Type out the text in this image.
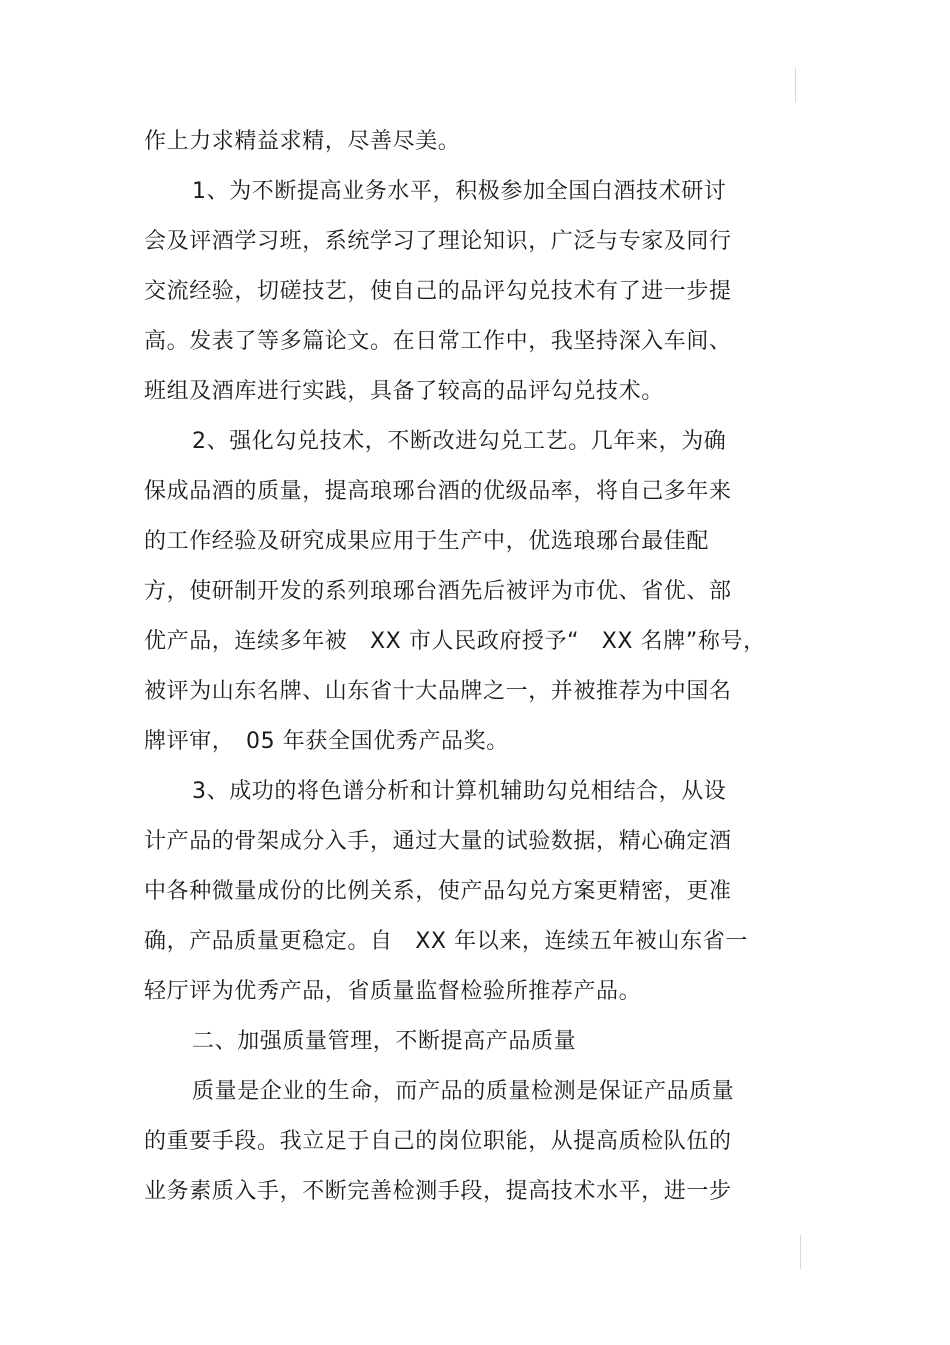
作上力求精益求精，尽善尽美。
1、为不断提高业务水平，积极参加全国白酒技术研讨
会及评酒学习班，系统学习了理论知识，广泛与专家及同行
交流经验，切磋技艺，使自己的品评勾兑技术有了进一步提
高。发表了等多篇论文。在日常工作中，我坚持深入车间、
班组及酒库进行实践，具备了较高的品评勾兑技术。
2、强化勾兑技术，不断改进勾兑工艺。几年来，为确
保成品酒的质量，提高琅琊台酒的优级品率，将自己多年来
的工作经验及研究成果应用于生产中，优选琅琊台最佳配
方，使研制开发的系列琅琊台酒先后被评为市优、省优、部
优产品，连续多年被　XX 市人民政府授予“　XX 名牌”称号，
被评为山东名牌、山东省十大品牌之一，并被推荐为中国名
牌评审，　05 年获全国优秀产品奖。
3、成功的将色谱分析和计算机辅助勾兑相结合，从设
计产品的骨架成分入手，通过大量的试验数据，精心确定酒
中各种微量成份的比例关系，使产品勾兑方案更精密，更准
确，产品质量更稳定。自　XX 年以来，连续五年被山东省一
轻厅评为优秀产品，省质量监督检验所推荐产品。
二、加强质量管理，不断提高产品质量
质量是企业的生命，而产品的质量检测是保证产品质量
的重要手段。我立足于自己的岗位职能，从提高质检队伍的
业务素质入手，不断完善检测手段，提高技术水平，进一步
